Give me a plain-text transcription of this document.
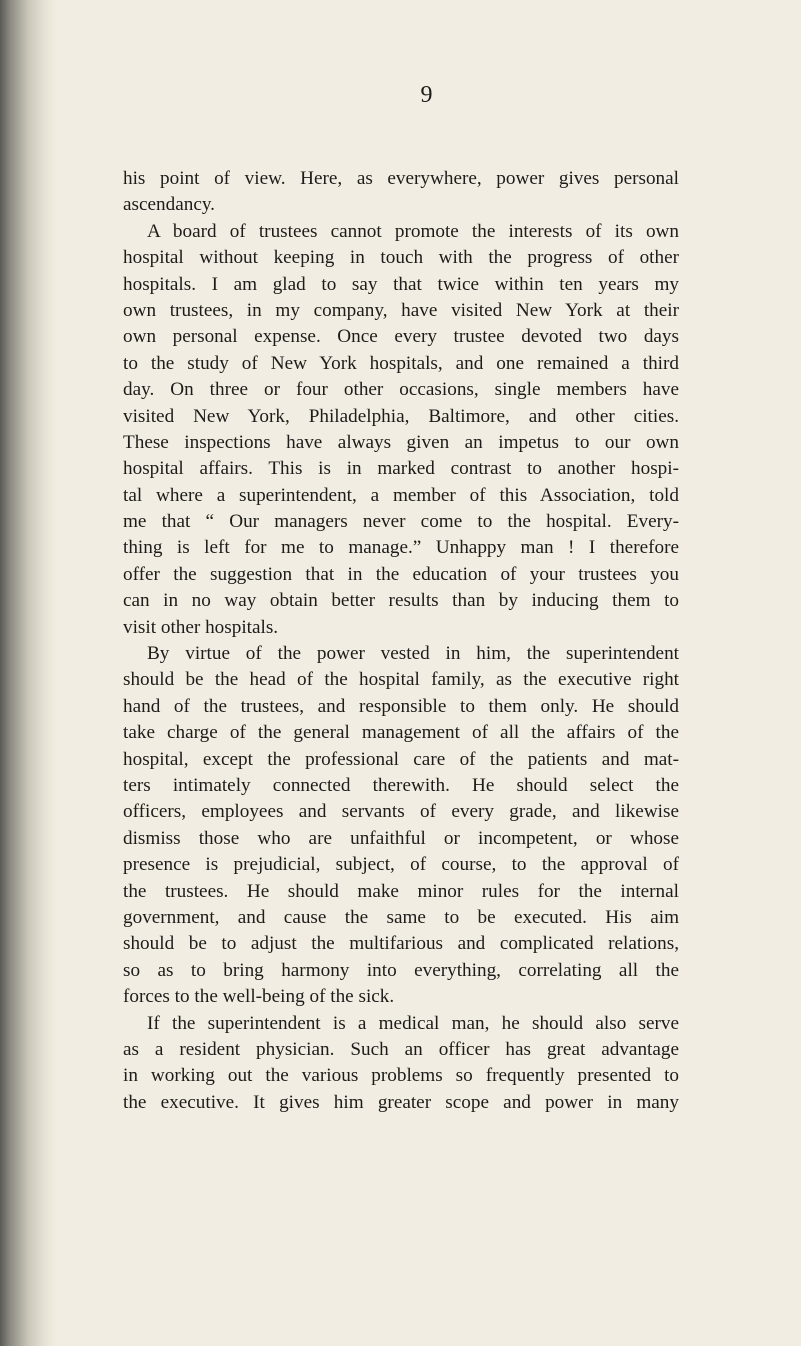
9
his point of view. Here, as everywhere, power gives personal
ascendancy.
A board of trustees cannot promote the interests of its own
hospital without keeping in touch with the progress of other
hospitals. I am glad to say that twice within ten years my
own trustees, in my company, have visited New York at their
own personal expense. Once every trustee devoted two days
to the study of New York hospitals, and one remained a third
day. On three or four other occasions, single members have
visited New York, Philadelphia, Baltimore, and other cities.
These inspections have always given an impetus to our own
hospital affairs. This is in marked contrast to another hospi-
tal where a superintendent, a member of this Association, told
me that “ Our managers never come to the hospital. Every-
thing is left for me to manage.” Unhappy man ! I therefore
offer the suggestion that in the education of your trustees you
can in no way obtain better results than by inducing them to
visit other hospitals.
By virtue of the power vested in him, the superintendent
should be the head of the hospital family, as the executive right
hand of the trustees, and responsible to them only. He should
take charge of the general management of all the affairs of the
hospital, except the professional care of the patients and mat-
ters intimately connected therewith. He should select the
officers, employees and servants of every grade, and likewise
dismiss those who are unfaithful or incompetent, or whose
presence is prejudicial, subject, of course, to the approval of
the trustees. He should make minor rules for the internal
government, and cause the same to be executed. His aim
should be to adjust the multifarious and complicated relations,
so as to bring harmony into everything, correlating all the
forces to the well-being of the sick.
If the superintendent is a medical man, he should also serve
as a resident physician. Such an officer has great advantage
in working out the various problems so frequently presented to
the executive. It gives him greater scope and power in many
